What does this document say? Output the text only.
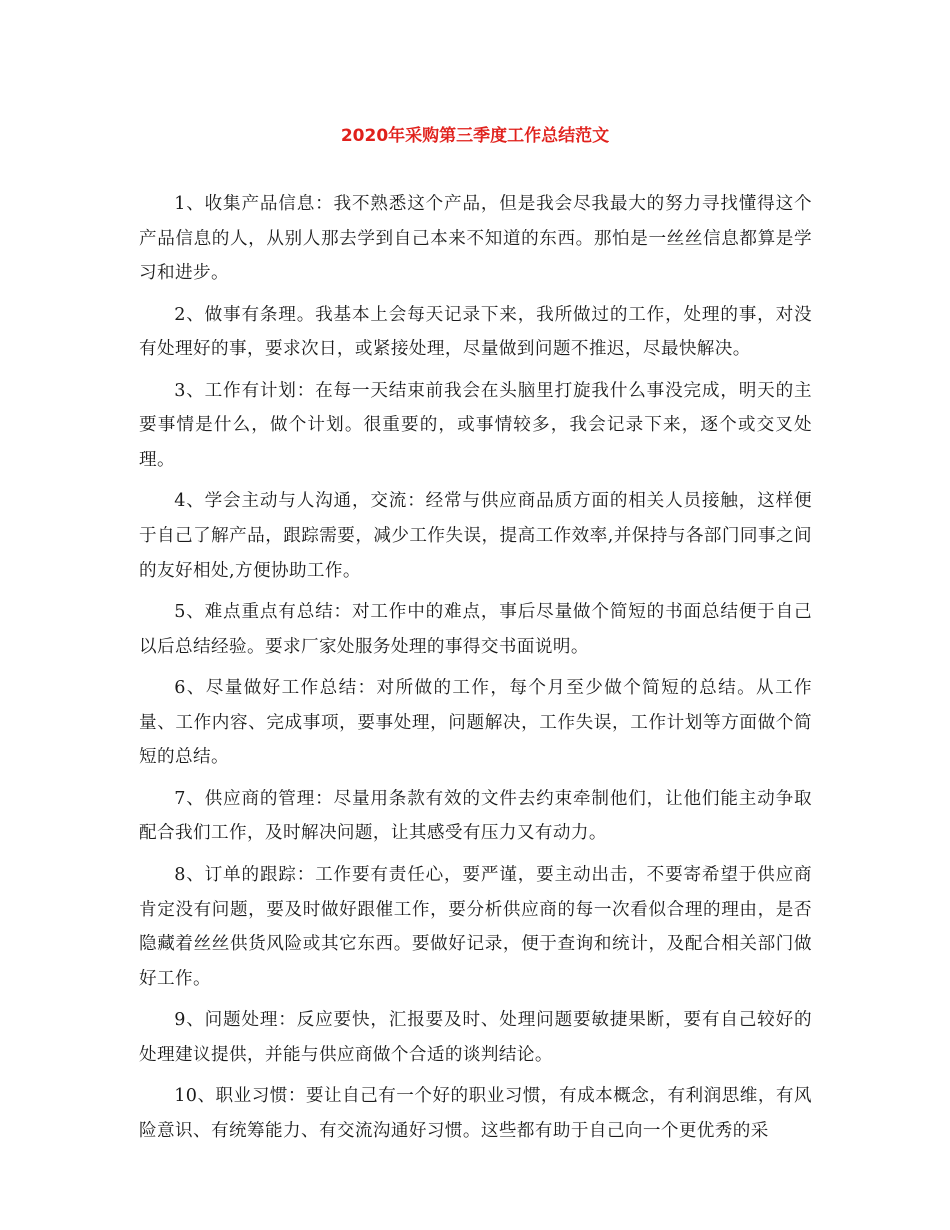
2020年采购第三季度工作总结范文

1、收集产品信息：我不熟悉这个产品，但是我会尽我最大的努力寻找懂得这个产品信息的人，从别人那去学到自己本来不知道的东西。那怕是一丝丝信息都算是学习和进步。

2、做事有条理。我基本上会每天记录下来，我所做过的工作，处理的事，对没有处理好的事，要求次日，或紧接处理，尽量做到问题不推迟，尽最快解决。

3、工作有计划：在每一天结束前我会在头脑里打旋我什么事没完成，明天的主要事情是什么，做个计划。很重要的，或事情较多，我会记录下来，逐个或交叉处理。

4、学会主动与人沟通，交流：经常与供应商品质方面的相关人员接触，这样便于自己了解产品，跟踪需要，减少工作失误，提高工作效率,并保持与各部门同事之间的友好相处,方便协助工作。

5、难点重点有总结：对工作中的难点，事后尽量做个简短的书面总结便于自己以后总结经验。要求厂家处服务处理的事得交书面说明。

6、尽量做好工作总结：对所做的工作，每个月至少做个简短的总结。从工作量、工作内容、完成事项，要事处理，问题解决，工作失误，工作计划等方面做个简短的总结。

7、供应商的管理：尽量用条款有效的文件去约束牵制他们，让他们能主动争取配合我们工作，及时解决问题，让其感受有压力又有动力。

8、订单的跟踪：工作要有责任心，要严谨，要主动出击，不要寄希望于供应商肯定没有问题，要及时做好跟催工作，要分析供应商的每一次看似合理的理由，是否隐藏着丝丝供货风险或其它东西。要做好记录，便于查询和统计，及配合相关部门做好工作。

9、问题处理：反应要快，汇报要及时、处理问题要敏捷果断，要有自己较好的处理建议提供，并能与供应商做个合适的谈判结论。

10、职业习惯：要让自己有一个好的职业习惯，有成本概念，有利润思维，有风险意识、有统筹能力、有交流沟通好习惯。这些都有助于自己向一个更优秀的采
